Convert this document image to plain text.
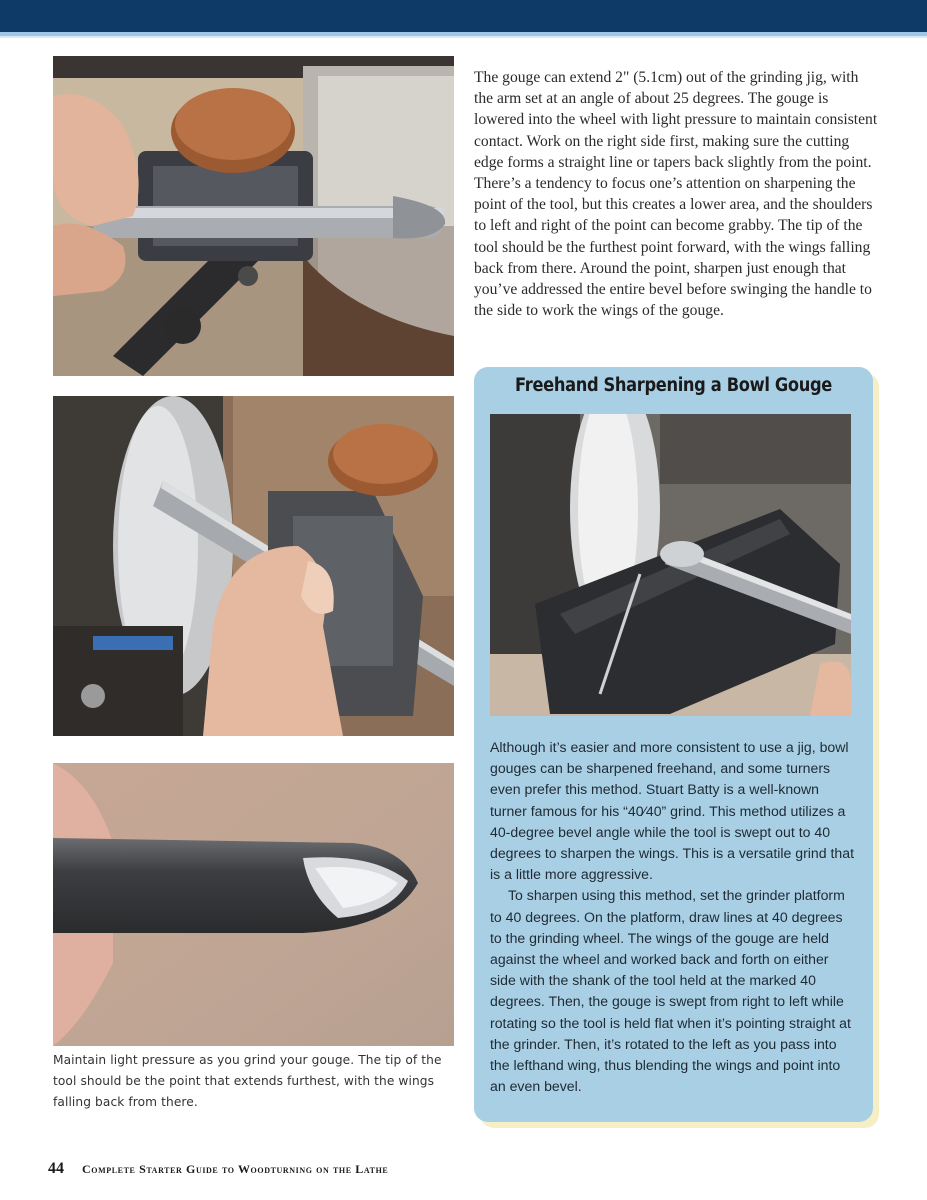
Maintain light pressure as you grind your gouge. The tip of the tool should be the point that extends furthest, with the wings falling back from there.
The gouge can extend 2" (5.1cm) out of the grinding jig, with the arm set at an angle of about 25 degrees. The gouge is lowered into the wheel with light pressure to maintain consistent contact. Work on the right side first, making sure the cutting edge forms a straight line or tapers back slightly from the point. There’s a tendency to focus one’s attention on sharpening the point of the tool, but this creates a lower area, and the shoulders to left and right of the point can become grabby. The tip of the tool should be the furthest point forward, with the wings falling back from there. Around the point, sharpen just enough that you’ve addressed the entire bevel before swinging the handle to the side to work the wings of the gouge.
Freehand Sharpening a Bowl Gouge

Although it’s easier and more consistent to use a jig, bowl gouges can be sharpened freehand, and some turners even prefer this method. Stuart Batty is a well-known turner famous for his “40⁄40” grind. This method utilizes a 40-degree bevel angle while the tool is swept out to 40 degrees to sharpen the wings. This is a versatile grind that is a little more aggressive.

To sharpen using this method, set the grinder platform to 40 degrees. On the platform, draw lines at 40 degrees to the grinding wheel. The wings of the gouge are held against the wheel and worked back and forth on either side with the shank of the tool held at the marked 40 degrees. Then, the gouge is swept from right to left while rotating so the tool is held flat when it’s pointing straight at the grinder. Then, it’s rotated to the left as you pass into the lefthand wing, thus blending the wings and point into an even bevel.

44 Complete Starter Guide to Woodturning on the Lathe
